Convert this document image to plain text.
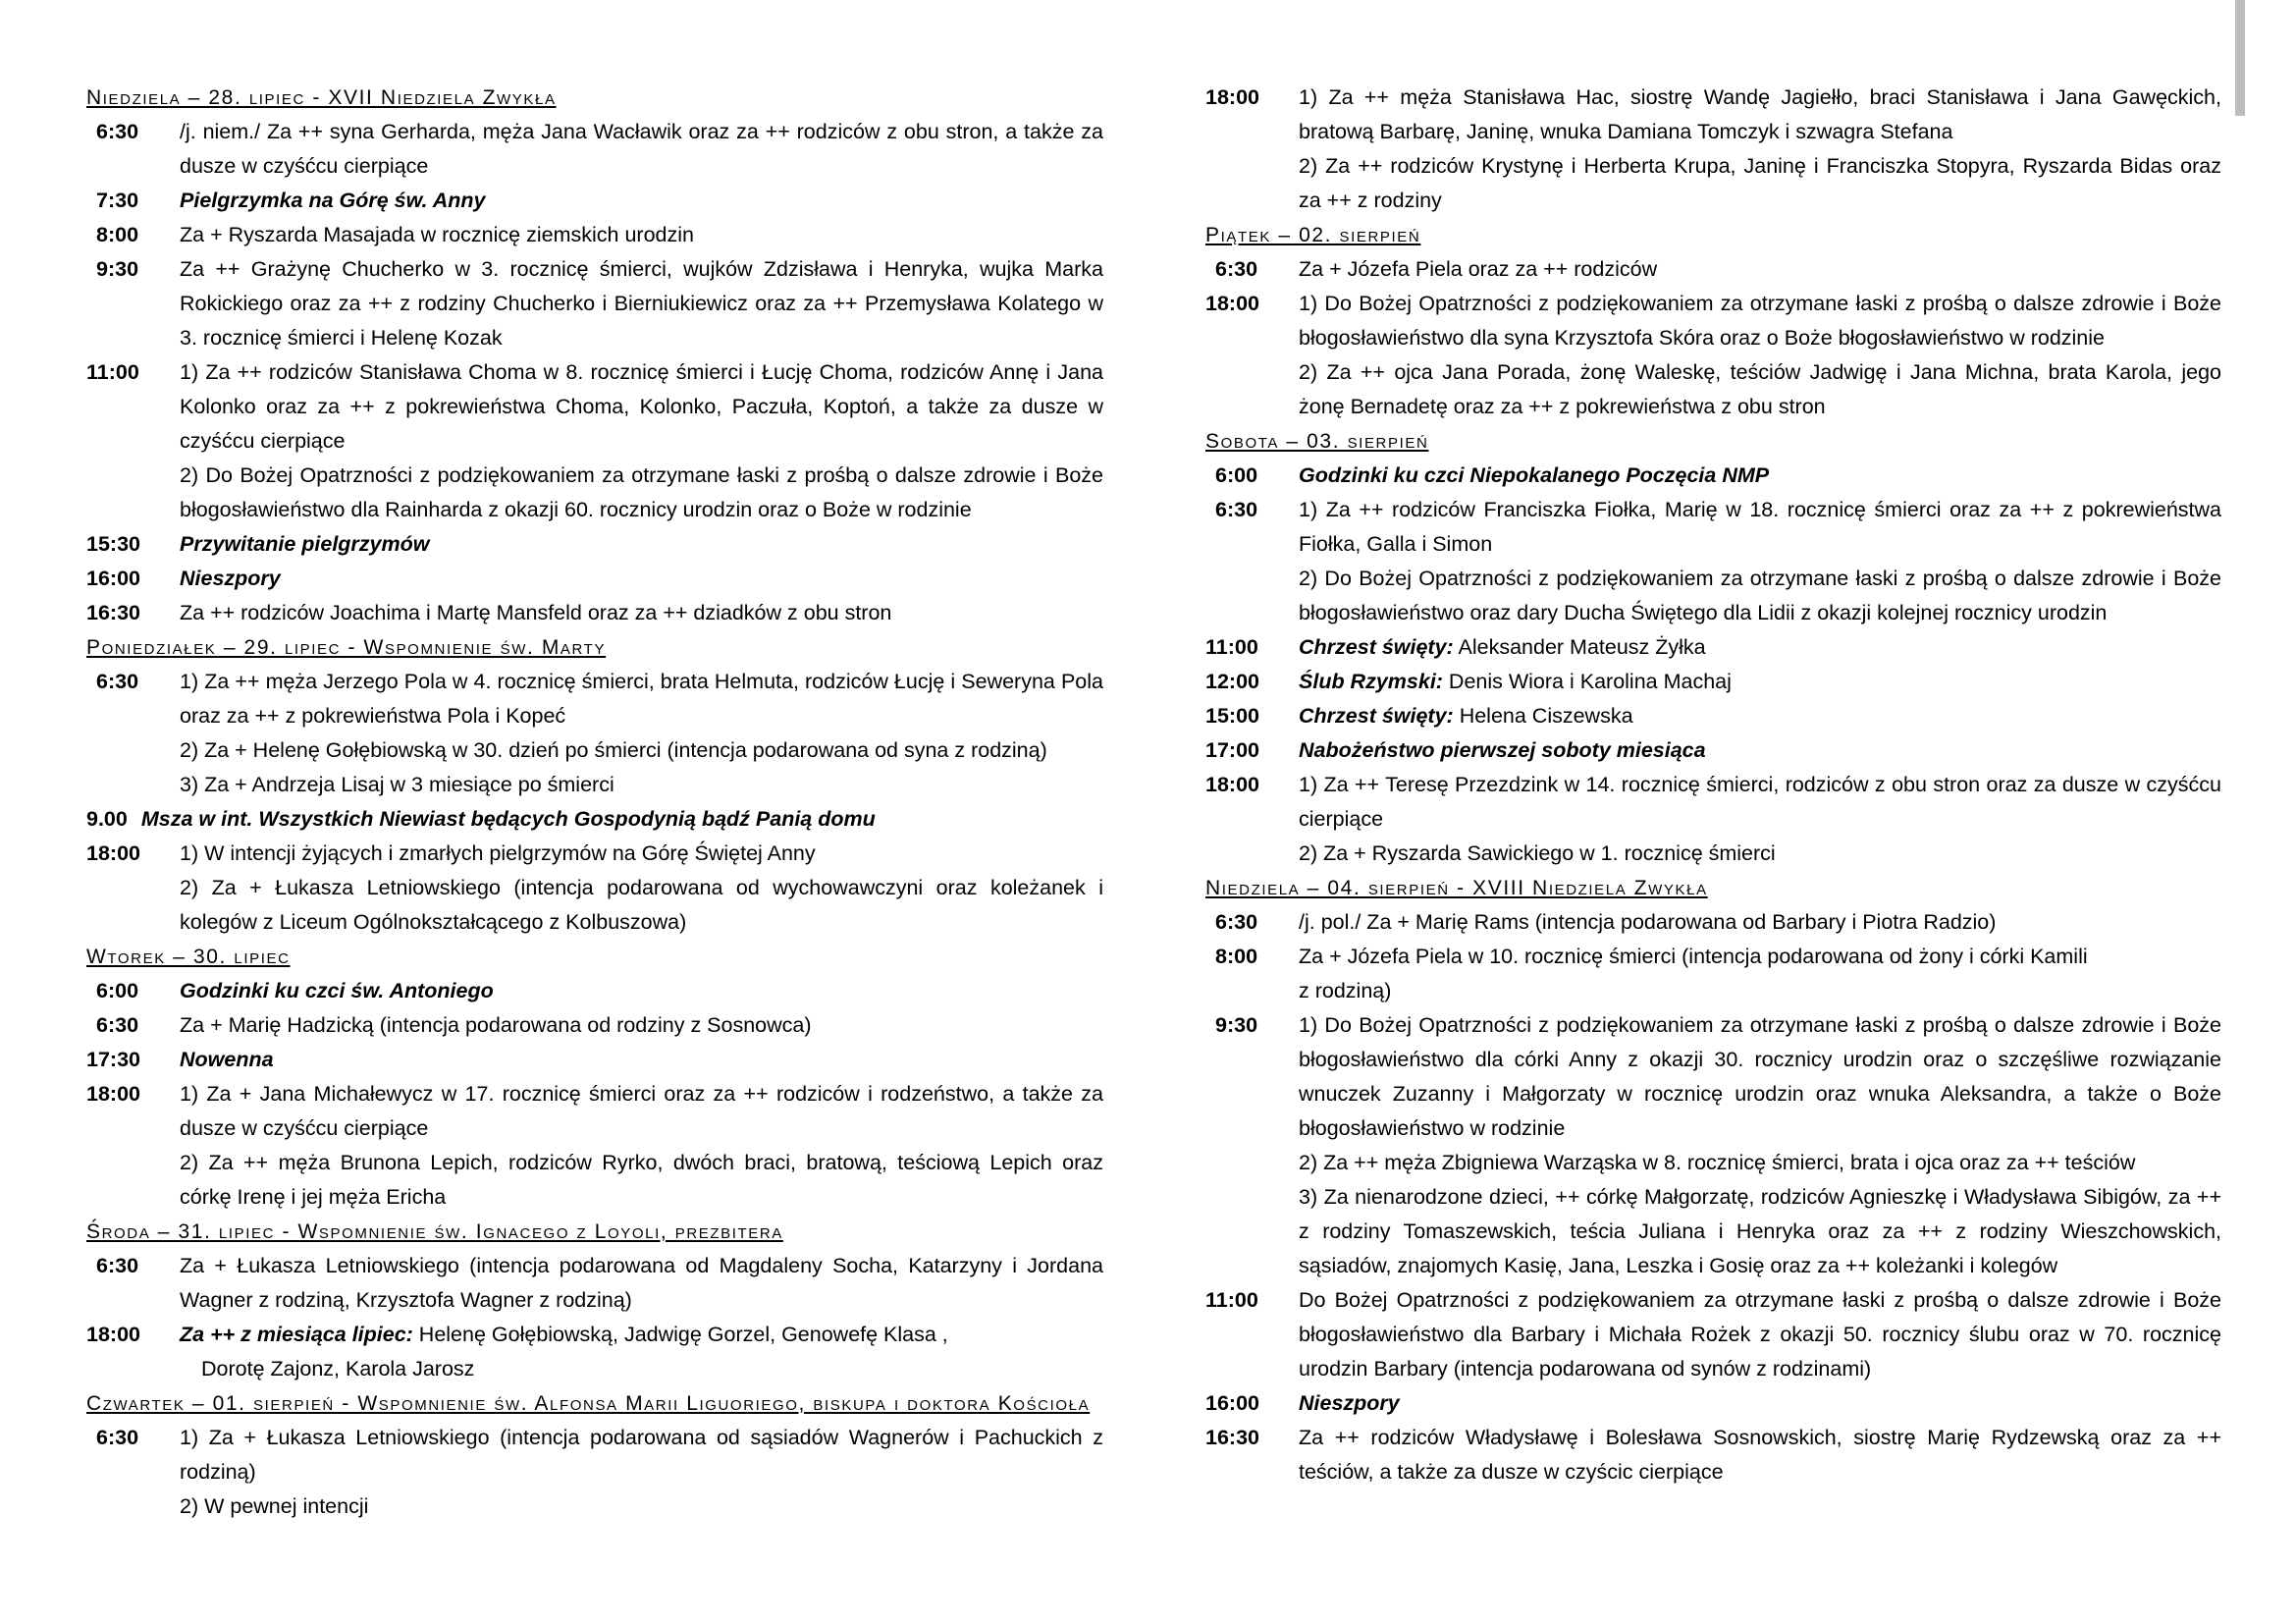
Niedziela – 28. lipiec - XVII Niedziela Zwykła
6:30	/j. niem./ Za ++ syna Gerharda, męża Jana Wacławik oraz za ++ rodziców z obu stron, a także za dusze w czyśćcu cierpiące
7:30	Pielgrzymka na Górę św. Anny
8:00	Za + Ryszarda Masajada w rocznicę ziemskich urodzin
9:30	Za ++ Grażynę Chucherko w 3. rocznicę śmierci, wujków Zdzisława i Henryka, wujka Marka Rokickiego oraz za ++ z rodziny Chucherko i Bierniukiewicz oraz za ++ Przemysława Kolatego w 3. rocznicę śmierci i Helenę Kozak
11:00	1) Za ++ rodziców Stanisława Choma w 8. rocznicę śmierci i Łucję Choma, rodziców Annę i Jana Kolonko oraz za ++ z pokrewieństwa Choma, Kolonko, Paczuła, Koptoń, a także za dusze w czyśćcu cierpiące

2) Do Bożej Opatrzności z podziękowaniem za otrzymane łaski z prośbą o dalsze zdrowie i Boże błogosławieństwo dla Rainharda z okazji 60. rocznicy urodzin oraz o Boże w rodzinie

15:30	Przywitanie pielgrzymów
16:00	Nieszpory
16:30	Za ++ rodziców Joachima i Martę Mansfeld oraz za ++ dziadków z obu stron
Poniedziałek – 29. lipiec - Wspomnienie św. Marty
6:30	1) Za ++ męża Jerzego Pola w 4. rocznicę śmierci, brata Helmuta, rodziców Łucję i Seweryna Pola oraz za ++ z pokrewieństwa Pola i Kopeć

2) Za + Helenę Gołębiowską w 30. dzień po śmierci (intencja podarowana od syna z rodziną)

3) Za + Andrzeja Lisaj w 3 miesiące po śmierci

9.00 Msza w int. Wszystkich Niewiast będących Gospodynią bądź Panią domu
18:00	1) W intencji żyjących i zmarłych pielgrzymów na Górę Świętej Anny

2) Za + Łukasza Letniowskiego (intencja podarowana od wychowawczyni oraz koleżanek i kolegów z Liceum Ogólnokształcącego z Kolbuszowa)

Wtorek – 30. lipiec
6:00	Godzinki ku czci św. Antoniego
6:30	Za + Marię Hadzicką (intencja podarowana od rodziny z Sosnowca)
17:30	Nowenna
18:00	1) Za + Jana Michałewycz w 17. rocznicę śmierci oraz za ++ rodziców i rodzeństwo, a także za dusze w czyśćcu cierpiące

2) Za ++ męża Brunona Lepich, rodziców Ryrko, dwóch braci, bratową, teściową Lepich oraz córkę Irenę i jej męża Ericha

Środa – 31. lipiec - Wspomnienie św. Ignacego z Loyoli, prezbitera
6:30	Za + Łukasza Letniowskiego (intencja podarowana od Magdaleny Socha, Katarzyny i Jordana Wagner z rodziną, Krzysztofa Wagner z rodziną)
18:00	Za ++ z miesiąca lipiec: Helenę Gołębiowską, Jadwigę Gorzel, Genowefę Klasa ,

Dorotę Zajonz, Karola Jarosz

Czwartek – 01. sierpień - Wspomnienie św. Alfonsa Marii Liguoriego, biskupa i doktora Kościoła
6:30	1) Za + Łukasza Letniowskiego (intencja podarowana od sąsiadów Wagnerów i Pachuckich z rodziną)

2) W pewnej intencji

18:00	1) Za ++ męża Stanisława Hac, siostrę Wandę Jagiełło, braci Stanisława i Jana Gawęckich, bratową Barbarę, Janinę, wnuka Damiana Tomczyk i szwagra Stefana

2) Za ++ rodziców Krystynę i Herberta Krupa, Janinę i Franciszka Stopyra, Ryszarda Bidas oraz za ++ z rodziny

Piątek – 02. sierpień
6:30	Za + Józefa Piela oraz za ++ rodziców
18:00	1) Do Bożej Opatrzności z podziękowaniem za otrzymane łaski z prośbą o dalsze zdrowie i Boże błogosławieństwo dla syna Krzysztofa Skóra oraz o Boże błogosławieństwo w rodzinie

2) Za ++ ojca Jana Porada, żonę Waleskę, teściów Jadwigę i Jana Michna, brata Karola, jego żonę Bernadetę oraz za ++ z pokrewieństwa z obu stron

Sobota – 03. sierpień
6:00	Godzinki ku czci Niepokalanego Poczęcia NMP
6:30	1) Za ++ rodziców Franciszka Fiołka, Marię w 18. rocznicę śmierci oraz za ++ z pokrewieństwa Fiołka, Galla i Simon

2) Do Bożej Opatrzności z podziękowaniem za otrzymane łaski z prośbą o dalsze zdrowie i Boże błogosławieństwo oraz dary Ducha Świętego dla Lidii z okazji kolejnej rocznicy urodzin

11:00	Chrzest święty: Aleksander Mateusz Żyłka
12:00	Ślub Rzymski: Denis Wiora i Karolina Machaj
15:00	Chrzest święty: Helena Ciszewska
17:00	Nabożeństwo pierwszej soboty miesiąca
18:00	1) Za ++ Teresę Przezdzink w 14. rocznicę śmierci, rodziców z obu stron oraz za dusze w czyśćcu cierpiące

2) Za + Ryszarda Sawickiego w 1. rocznicę śmierci

Niedziela – 04. sierpień - XVIII Niedziela Zwykła
6:30	/j. pol./ Za + Marię Rams (intencja podarowana od Barbary i Piotra Radzio)
8:00	Za + Józefa Piela w 10. rocznicę śmierci (intencja podarowana od żony i córki Kamili

z rodziną)

9:30	1) Do Bożej Opatrzności z podziękowaniem za otrzymane łaski z prośbą o dalsze zdrowie i Boże błogosławieństwo dla córki Anny z okazji 30. rocznicy urodzin oraz o szczęśliwe rozwiązanie wnuczek Zuzanny i Małgorzaty w rocznicę urodzin oraz wnuka Aleksandra, a także o Boże błogosławieństwo w rodzinie

2) Za ++ męża Zbigniewa Warząska w 8. rocznicę śmierci, brata i ojca oraz za ++ teściów

3) Za nienarodzone dzieci, ++ córkę Małgorzatę, rodziców Agnieszkę i Władysława Sibigów, za ++ z rodziny Tomaszewskich, teścia Juliana i Henryka oraz za ++ z rodziny Wieszchowskich, sąsiadów, znajomych Kasię, Jana, Leszka i Gosię oraz za ++ koleżanki i kolegów

11:00	Do Bożej Opatrzności z podziękowaniem za otrzymane łaski z prośbą o dalsze zdrowie i Boże błogosławieństwo dla Barbary i Michała Rożek z okazji 50. rocznicy ślubu oraz w 70. rocznicę urodzin Barbary (intencja podarowana od synów z rodzinami)
16:00	Nieszpory
16:30	Za ++ rodziców Władysławę i Bolesława Sosnowskich, siostrę Marię Rydzewską oraz za ++ teściów, a także za dusze w czyścic cierpiące
